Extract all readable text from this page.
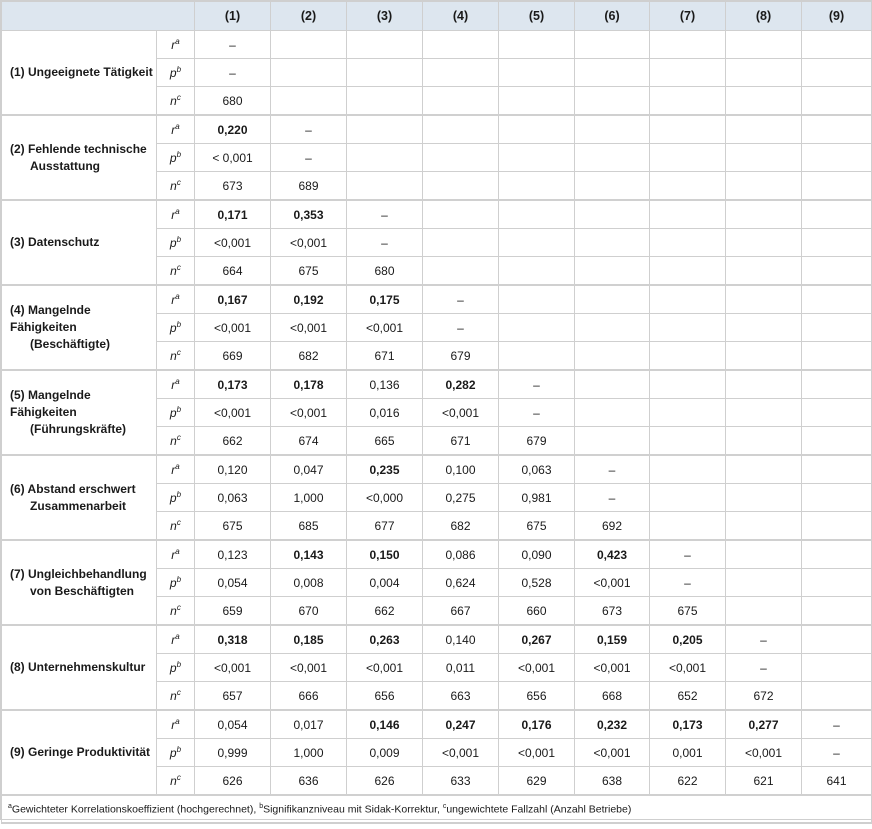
		(1)	(2)	(3)	(4)	(5)	(6)	(7)	(8)	(9)
(1) Ungeeignete Tätigkeit	$r^a$	–								
	$p^b$	–								
	$n^c$	680								
(2) Fehlende technische
Ausstattung	$r^a$	0,220	–							
	$p^b$	< 0,001	–							
	$n^c$	673	689							
(3) Datenschutz	$r^a$	0,171	0,353	–						
	$p^b$	<0,001	<0,001	–						
	$n^c$	664	675	680						
(4) Mangelnde Fähigkeiten
(Beschäftigte)	$r^a$	0,167	0,192	0,175	–					
	$p^b$	<0,001	<0,001	<0,001	–					
	$n^c$	669	682	671	679					
(5) Mangelnde Fähigkeiten
(Führungskräfte)	$r^a$	0,173	0,178	0,136	0,282	–				
	$p^b$	<0,001	<0,001	0,016	<0,001	–				
	$n^c$	662	674	665	671	679				
(6) Abstand erschwert
Zusammenarbeit	$r^a$	0,120	0,047	0,235	0,100	0,063	–			
	$p^b$	0,063	1,000	<0,000	0,275	0,981	–			
	$n^c$	675	685	677	682	675	692			
(7) Ungleichbehandlung
von Beschäftigten	$r^a$	0,123	0,143	0,150	0,086	0,090	0,423	–		
	$p^b$	0,054	0,008	0,004	0,624	0,528	<0,001	–		
	$n^c$	659	670	662	667	660	673	675		
(8) Unternehmenskultur	$r^a$	0,318	0,185	0,263	0,140	0,267	0,159	0,205	–	
	$p^b$	<0,001	<0,001	<0,001	0,011	<0,001	<0,001	<0,001	–	
	$n^c$	657	666	656	663	656	668	652	672	
(9) Geringe Produktivität	$r^a$	0,054	0,017	0,146	0,247	0,176	0,232	0,173	0,277	–
	$p^b$	0,999	1,000	0,009	<0,001	<0,001	<0,001	0,001	<0,001	–
	$n^c$	626	636	626	633	629	638	622	621	641
$^a$Gewichteter Korrelationskoeffizient (hochgerechnet), $^b$Signifikanzniveau mit Sidak-Korrektur, $^c$ungewichtete Fallzahl (Anzahl Betriebe)										
